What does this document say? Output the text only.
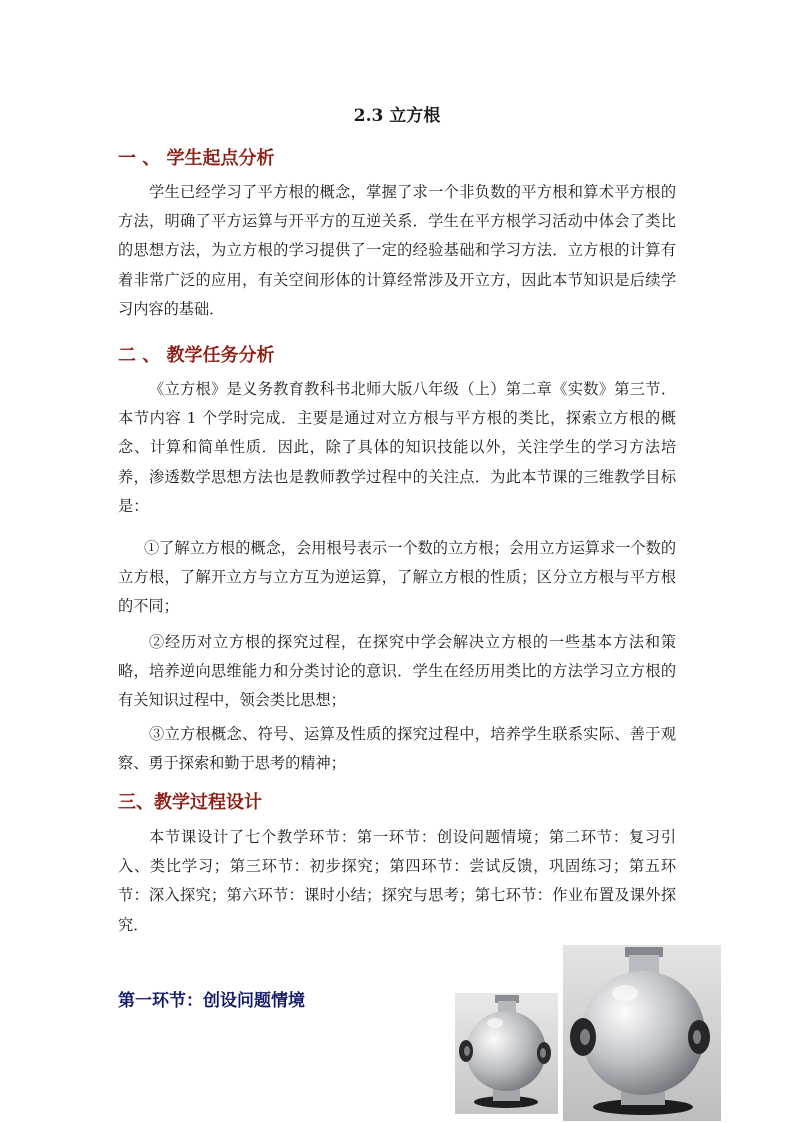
2.3 立方根
一 、 学生起点分析

学生已经学习了平方根的概念，掌握了求一个非负数的平方根和算术平方根的方法，明确了平方运算与开平方的互逆关系．学生在平方根学习活动中体会了类比的思想方法，为立方根的学习提供了一定的经验基础和学习方法．立方根的计算有着非常广泛的应用，有关空间形体的计算经常涉及开立方，因此本节知识是后续学习内容的基础．

二 、 教学任务分析

《立方根》是义务教育教科书北师大版八年级（上）第二章《实数》第三节．本节内容 1 个学时完成．主要是通过对立方根与平方根的类比，探索立方根的概念、计算和简单性质．因此，除了具体的知识技能以外，关注学生的学习方法培养，渗透数学思想方法也是教师教学过程中的关注点．为此本节课的三维教学目标是：

①了解立方根的概念，会用根号表示一个数的立方根；会用立方运算求一个数的立方根，了解开立方与立方互为逆运算，了解立方根的性质；区分立方根与平方根的不同；

②经历对立方根的探究过程，在探究中学会解决立方根的一些基本方法和策略，培养逆向思维能力和分类讨论的意识．学生在经历用类比的方法学习立方根的有关知识过程中，领会类比思想；

③立方根概念、符号、运算及性质的探究过程中，培养学生联系实际、善于观察、勇于探索和勤于思考的精神；

三、教学过程设计

本节课设计了七个教学环节：第一环节：创设问题情境；第二环节：复习引入、类比学习；第三环节：初步探究；第四环节：尝试反馈，巩固练习；第五环节：深入探究；第六环节：课时小结；探究与思考；第七环节：作业布置及课外探究．

第一环节：创设问题情境
